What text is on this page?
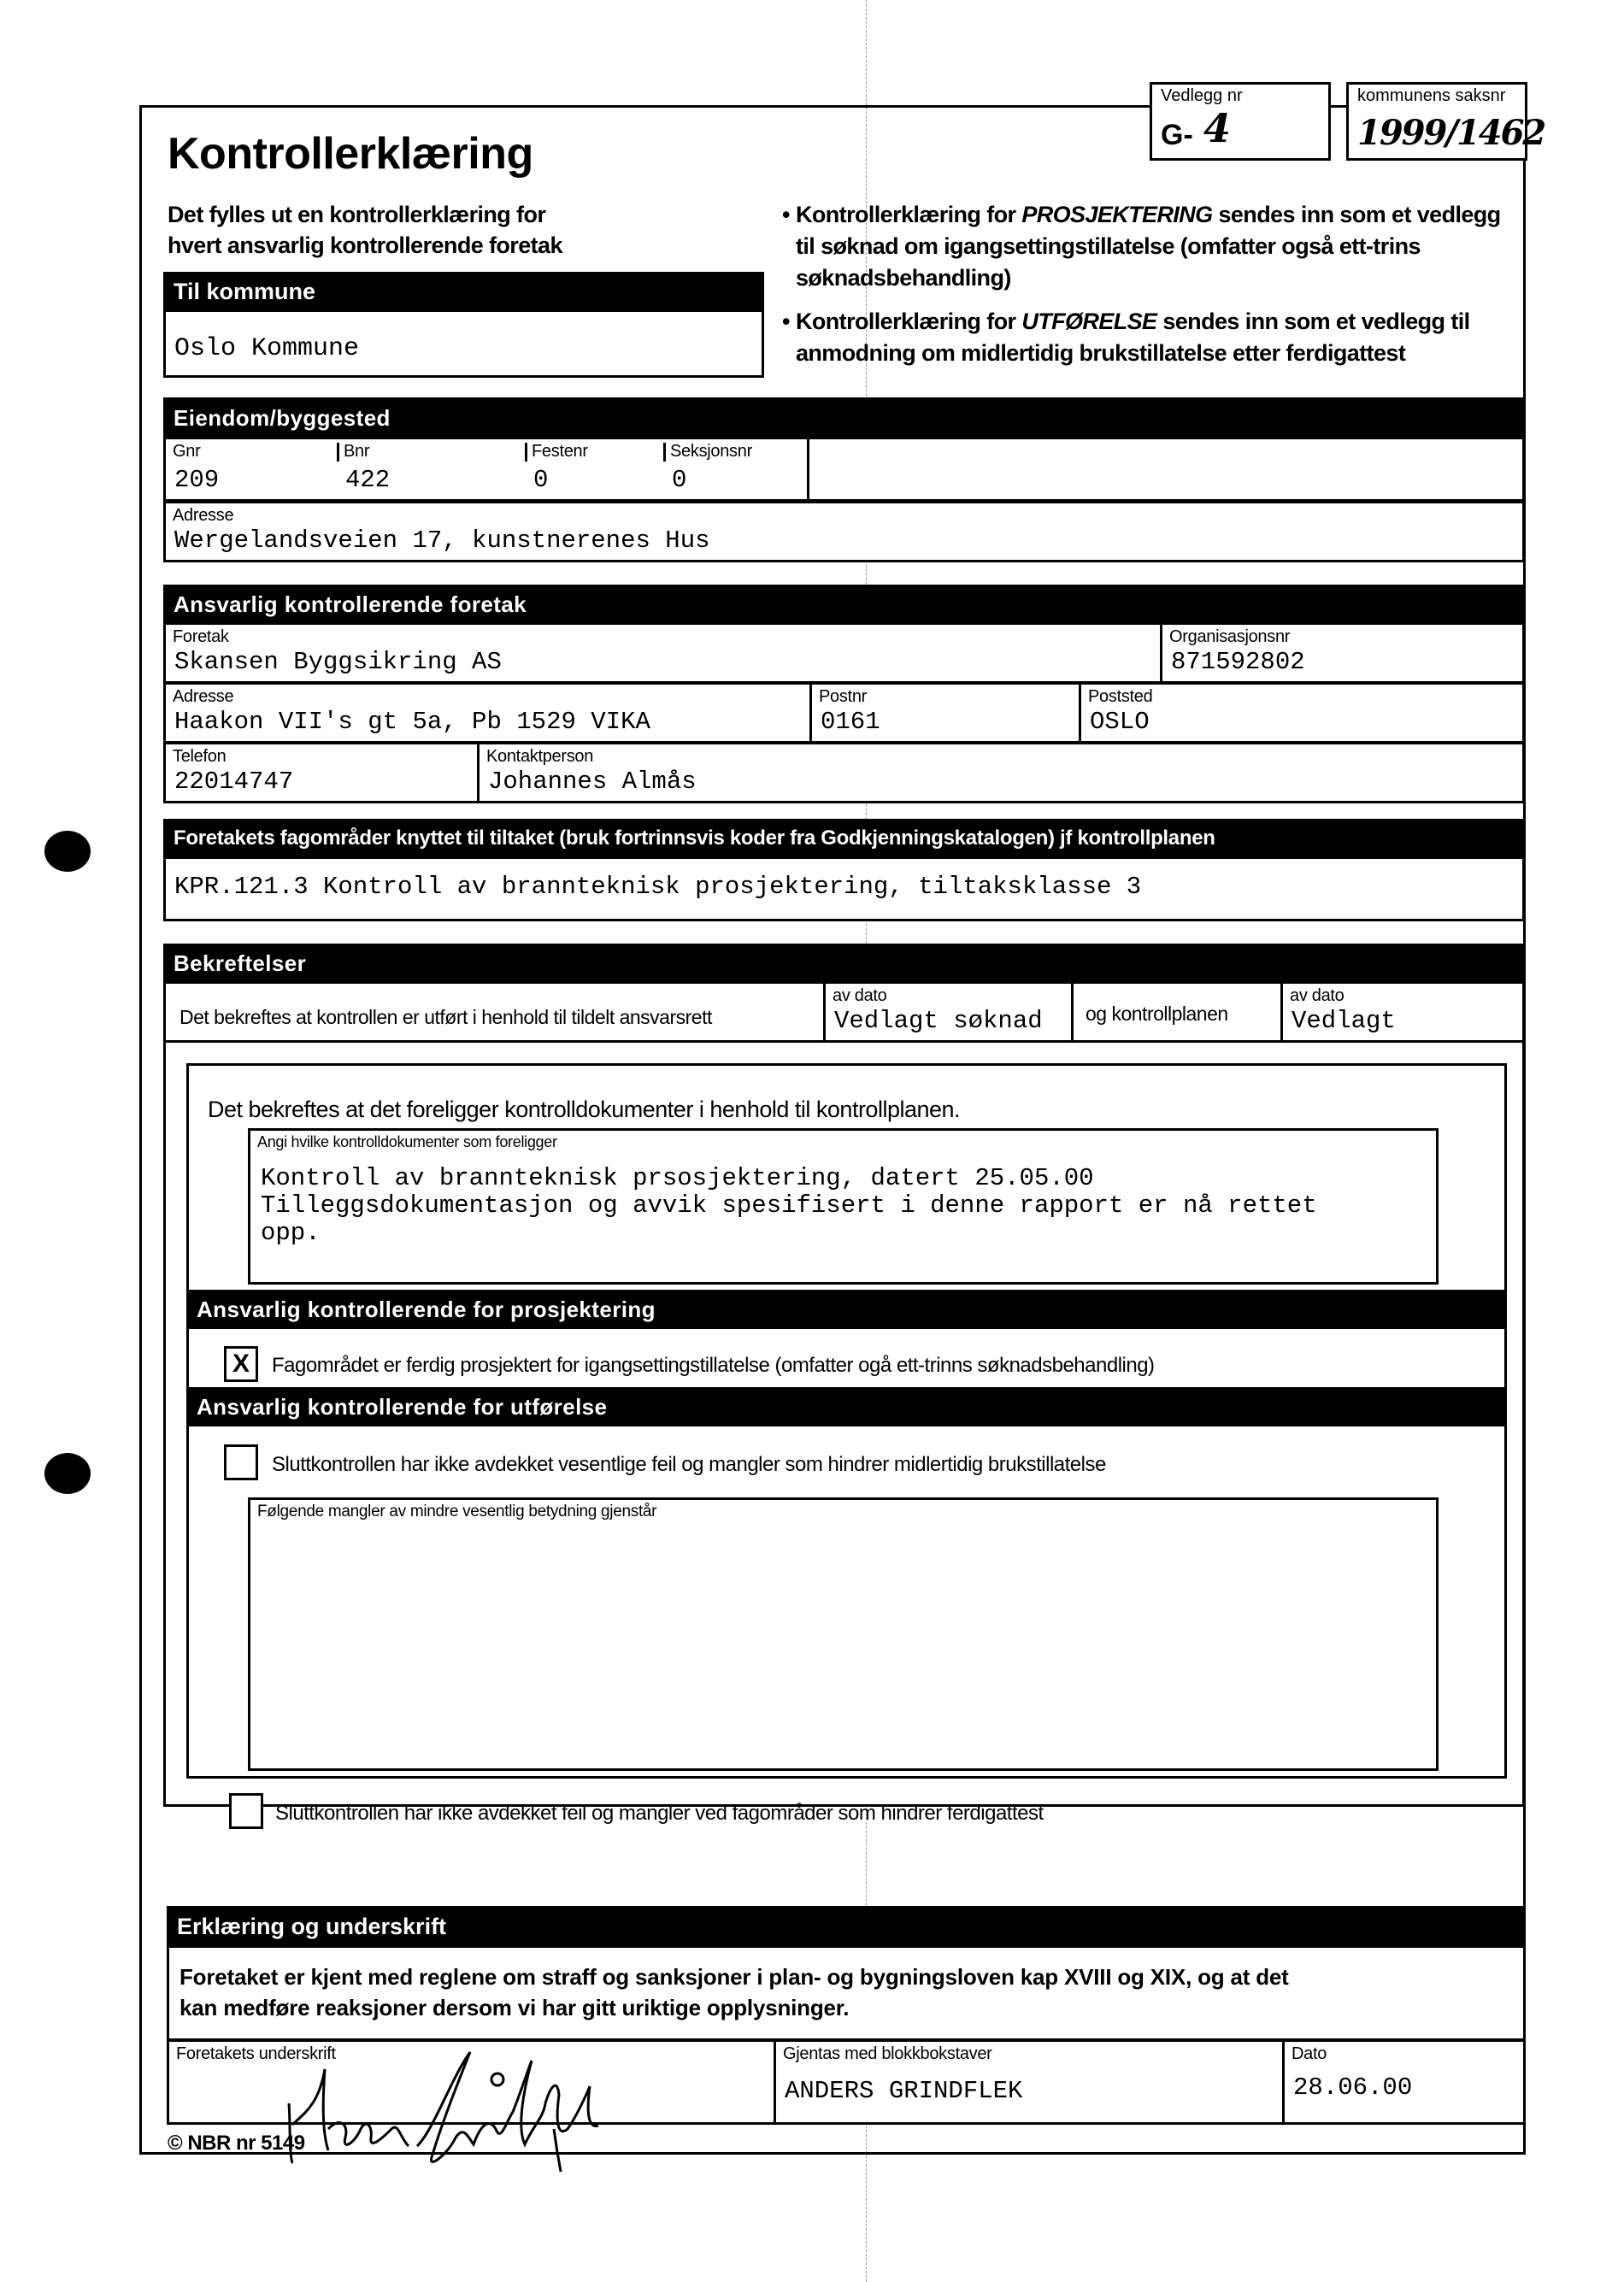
Vedlegg nr
G- 4
kommunens saksnr
1999/1462
Kontrollerklæring
Det fylles ut en kontrollerklæring for
hvert ansvarlig kontrollerende foretak
• Kontrollerklæring for PROSJEKTERING sendes inn som et vedlegg til søknad om igangsettingstillatelse (omfatter også ett-trins søknadsbehandling)
• Kontrollerklæring for UTFØRELSE sendes inn som et vedlegg til anmodning om midlertidig brukstillatelse etter ferdigattest
Til kommune
Oslo Kommune
Eiendom/byggested
Gnr
209
Bnr
422
Festenr
0
Seksjonsnr
0
Adresse
Wergelandsveien 17, kunstnerenes Hus
Ansvarlig kontrollerende foretak
Foretak
Skansen Byggsikring AS
Organisasjonsnr
871592802
Adresse
Haakon VII's gt 5a, Pb 1529 VIKA
Postnr
0161
Poststed
OSLO
Telefon
22014747
Kontaktperson
Johannes Almås
Foretakets fagområder knyttet til tiltaket (bruk fortrinnsvis koder fra Godkjenningskatalogen) jf kontrollplanen
KPR.121.3 Kontroll av brannteknisk prosjektering, tiltaksklasse 3
Bekreftelser
Det bekreftes at kontrollen er utført i henhold til tildelt ansvarsrett
av dato
Vedlagt søknad og kontrollplanen
av dato
Vedlagt
Det bekreftes at det foreligger kontrolldokumenter i henhold til kontrollplanen.
Angi hvilke kontrolldokumenter som foreligger
Kontroll av brannteknisk prsosjektering, datert 25.05.00
Tilleggsdokumentasjon og avvik spesifisert i denne rapport er nå rettet
opp.
Ansvarlig kontrollerende for prosjektering
X Fagområdet er ferdig prosjektert for igangsettingstillatelse (omfatter ogå ett-trinns søknadsbehandling)
Ansvarlig kontrollerende for utførelse
Sluttkontrollen har ikke avdekket vesentlige feil og mangler som hindrer midlertidig brukstillatelse
Følgende mangler av mindre vesentlig betydning gjenstår
Sluttkontrollen har ikke avdekket feil og mangler ved fagområder som hindrer ferdigattest
Erklæring og underskrift
Foretaket er kjent med reglene om straff og sanksjoner i plan- og bygningsloven kap XVIII og XIX, og at det
kan medføre reaksjoner dersom vi har gitt uriktige opplysninger.
Foretakets underskrift	Gjentas med blokkbokstaver
ANDERS GRINDFLEK
Dato
28.06.00
© NBR nr 5149
